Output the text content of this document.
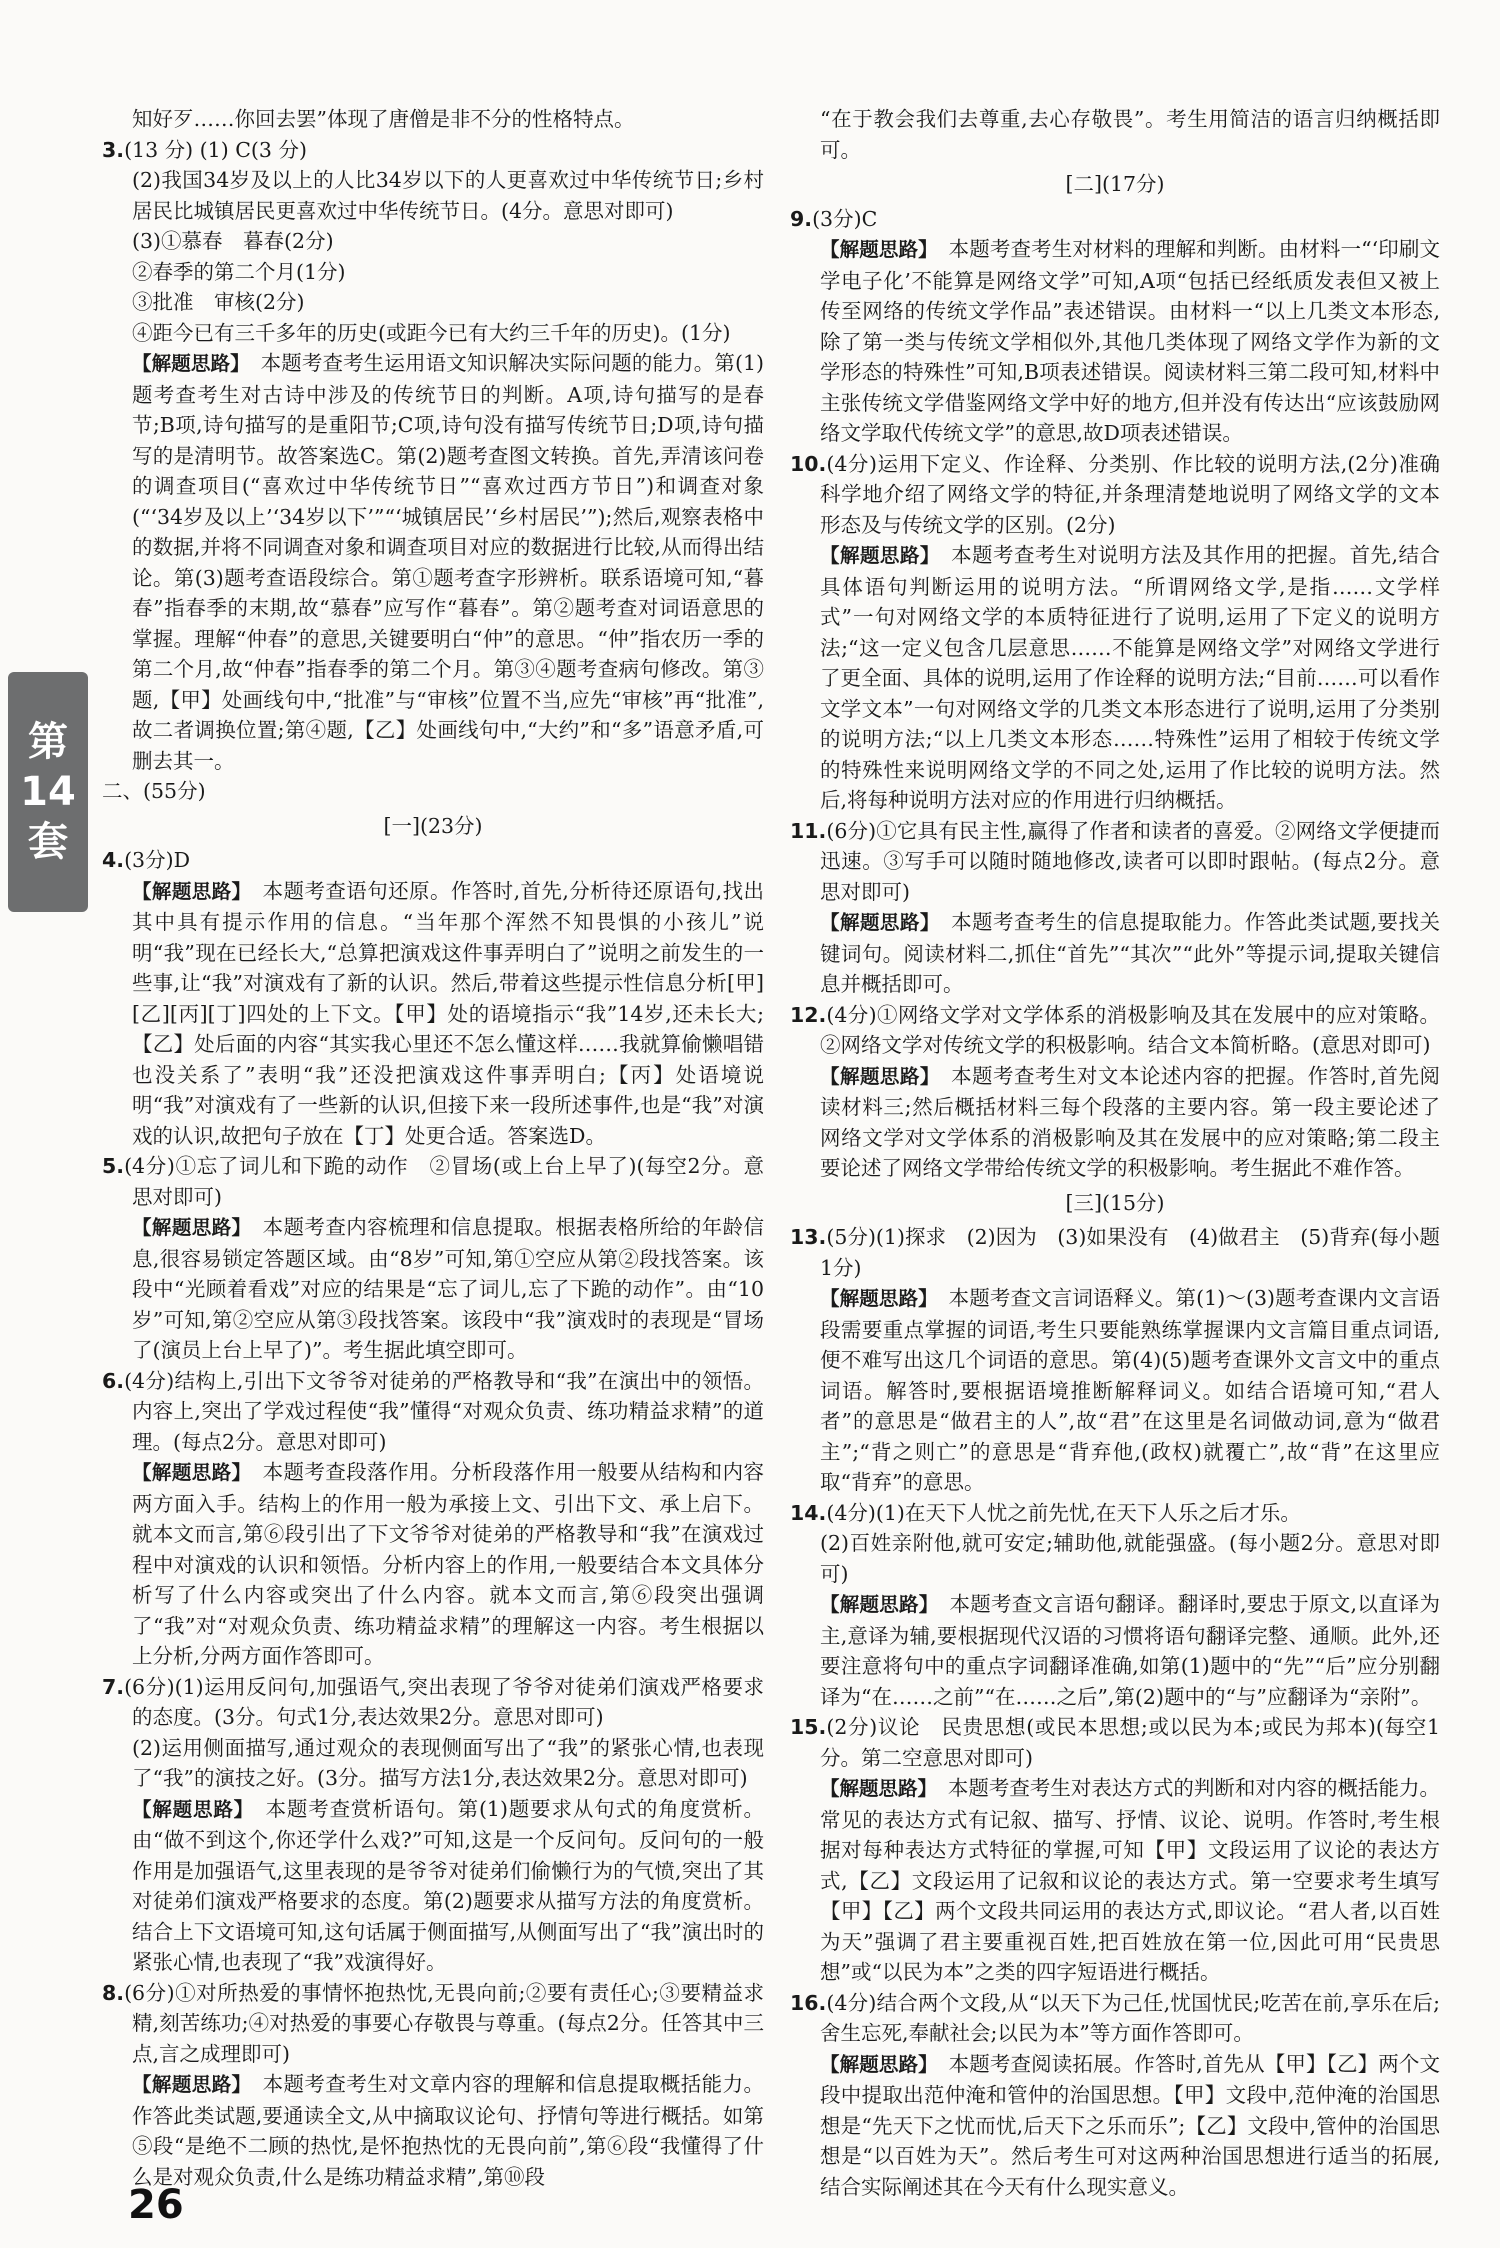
第
14
套

知好歹……你回去罢”体现了唐僧是非不分的性格特点。

3.(13 分) (1) C(3 分)

(2)我国34岁及以上的人比34岁以下的人更喜欢过中华传统节日;乡村居民比城镇居民更喜欢过中华传统节日。(4分。意思对即可)

(3)①慕春　暮春(2分)

②春季的第二个月(1分)

③批准　审核(2分)

④距今已有三千多年的历史(或距今已有大约三千年的历史)。(1分)

【解题思路】　本题考查考生运用语文知识解决实际问题的能力。第(1)题考查考生对古诗中涉及的传统节日的判断。A项,诗句描写的是春节;B项,诗句描写的是重阳节;C项,诗句没有描写传统节日;D项,诗句描写的是清明节。故答案选C。第(2)题考查图文转换。首先,弄清该问卷的调查项目(“喜欢过中华传统节日”“喜欢过西方节日”)和调查对象(“‘34岁及以上’‘34岁以下’”“‘城镇居民’‘乡村居民’”);然后,观察表格中的数据,并将不同调查对象和调查项目对应的数据进行比较,从而得出结论。第(3)题考查语段综合。第①题考查字形辨析。联系语境可知,“暮春”指春季的末期,故“慕春”应写作“暮春”。第②题考查对词语意思的掌握。理解“仲春”的意思,关键要明白“仲”的意思。“仲”指农历一季的第二个月,故“仲春”指春季的第二个月。第③④题考查病句修改。第③题,【甲】处画线句中,“批准”与“审核”位置不当,应先“审核”再“批准”,故二者调换位置;第④题,【乙】处画线句中,“大约”和“多”语意矛盾,可删去其一。

二、(55分)

[一](23分)

4.(3分)D

【解题思路】　本题考查语句还原。作答时,首先,分析待还原语句,找出其中具有提示作用的信息。“当年那个浑然不知畏惧的小孩儿”说明“我”现在已经长大,“总算把演戏这件事弄明白了”说明之前发生的一些事,让“我”对演戏有了新的认识。然后,带着这些提示性信息分析[甲][乙][丙][丁]四处的上下文。【甲】处的语境指示“我”14岁,还未长大;【乙】处后面的内容“其实我心里还不怎么懂这样……我就算偷懒唱错也没关系了”表明“我”还没把演戏这件事弄明白;【丙】处语境说明“我”对演戏有了一些新的认识,但接下来一段所述事件,也是“我”对演戏的认识,故把句子放在【丁】处更合适。答案选D。

5.(4分)①忘了词儿和下跪的动作　②冒场(或上台上早了)(每空2分。意思对即可)

【解题思路】　本题考查内容梳理和信息提取。根据表格所给的年龄信息,很容易锁定答题区域。由“8岁”可知,第①空应从第②段找答案。该段中“光顾着看戏”对应的结果是“忘了词儿,忘了下跪的动作”。由“10岁”可知,第②空应从第③段找答案。该段中“我”演戏时的表现是“冒场了(演员上台上早了)”。考生据此填空即可。

6.(4分)结构上,引出下文爷爷对徒弟的严格教导和“我”在演出中的领悟。内容上,突出了学戏过程使“我”懂得“对观众负责、练功精益求精”的道理。(每点2分。意思对即可)

【解题思路】　本题考查段落作用。分析段落作用一般要从结构和内容两方面入手。结构上的作用一般为承接上文、引出下文、承上启下。就本文而言,第⑥段引出了下文爷爷对徒弟的严格教导和“我”在演戏过程中对演戏的认识和领悟。分析内容上的作用,一般要结合本文具体分析写了什么内容或突出了什么内容。就本文而言,第⑥段突出强调了“我”对“对观众负责、练功精益求精”的理解这一内容。考生根据以上分析,分两方面作答即可。

7.(6分)(1)运用反问句,加强语气,突出表现了爷爷对徒弟们演戏严格要求的态度。(3分。句式1分,表达效果2分。意思对即可)

(2)运用侧面描写,通过观众的表现侧面写出了“我”的紧张心情,也表现了“我”的演技之好。(3分。描写方法1分,表达效果2分。意思对即可)

【解题思路】　本题考查赏析语句。第(1)题要求从句式的角度赏析。由“做不到这个,你还学什么戏?”可知,这是一个反问句。反问句的一般作用是加强语气,这里表现的是爷爷对徒弟们偷懒行为的气愤,突出了其对徒弟们演戏严格要求的态度。第(2)题要求从描写方法的角度赏析。结合上下文语境可知,这句话属于侧面描写,从侧面写出了“我”演出时的紧张心情,也表现了“我”戏演得好。

8.(6分)①对所热爱的事情怀抱热忱,无畏向前;②要有责任心;③要精益求精,刻苦练功;④对热爱的事要心存敬畏与尊重。(每点2分。任答其中三点,言之成理即可)

【解题思路】　本题考查考生对文章内容的理解和信息提取概括能力。作答此类试题,要通读全文,从中摘取议论句、抒情句等进行概括。如第⑤段“是绝不二顾的热忱,是怀抱热忱的无畏向前”,第⑥段“我懂得了什么是对观众负责,什么是练功精益求精”,第⑩段

“在于教会我们去尊重,去心存敬畏”。考生用简洁的语言归纳概括即可。

[二](17分)

9.(3分)C

【解题思路】　本题考查考生对材料的理解和判断。由材料一“‘印刷文学电子化’不能算是网络文学”可知,A项“包括已经纸质发表但又被上传至网络的传统文学作品”表述错误。由材料一“以上几类文本形态,除了第一类与传统文学相似外,其他几类体现了网络文学作为新的文学形态的特殊性”可知,B项表述错误。阅读材料三第二段可知,材料中主张传统文学借鉴网络文学中好的地方,但并没有传达出“应该鼓励网络文学取代传统文学”的意思,故D项表述错误。

10.(4分)运用下定义、作诠释、分类别、作比较的说明方法,(2分)准确科学地介绍了网络文学的特征,并条理清楚地说明了网络文学的文本形态及与传统文学的区别。(2分)

【解题思路】　本题考查考生对说明方法及其作用的把握。首先,结合具体语句判断运用的说明方法。“所谓网络文学,是指……文学样式”一句对网络文学的本质特征进行了说明,运用了下定义的说明方法;“这一定义包含几层意思……不能算是网络文学”对网络文学进行了更全面、具体的说明,运用了作诠释的说明方法;“目前……可以看作文学文本”一句对网络文学的几类文本形态进行了说明,运用了分类别的说明方法;“以上几类文本形态……特殊性”运用了相较于传统文学的特殊性来说明网络文学的不同之处,运用了作比较的说明方法。然后,将每种说明方法对应的作用进行归纳概括。

11.(6分)①它具有民主性,赢得了作者和读者的喜爱。②网络文学便捷而迅速。③写手可以随时随地修改,读者可以即时跟帖。(每点2分。意思对即可)

【解题思路】　本题考查考生的信息提取能力。作答此类试题,要找关键词句。阅读材料二,抓住“首先”“其次”“此外”等提示词,提取关键信息并概括即可。

12.(4分)①网络文学对文学体系的消极影响及其在发展中的应对策略。②网络文学对传统文学的积极影响。结合文本简析略。(意思对即可)

【解题思路】　本题考查考生对文本论述内容的把握。作答时,首先阅读材料三;然后概括材料三每个段落的主要内容。第一段主要论述了网络文学对文学体系的消极影响及其在发展中的应对策略;第二段主要论述了网络文学带给传统文学的积极影响。考生据此不难作答。

[三](15分)

13.(5分)(1)探求　(2)因为　(3)如果没有　(4)做君主　(5)背弃(每小题1分)

【解题思路】　本题考查文言词语释义。第(1)～(3)题考查课内文言语段需要重点掌握的词语,考生只要能熟练掌握课内文言篇目重点词语,便不难写出这几个词语的意思。第(4)(5)题考查课外文言文中的重点词语。解答时,要根据语境推断解释词义。如结合语境可知,“君人者”的意思是“做君主的人”,故“君”在这里是名词做动词,意为“做君主”;“背之则亡”的意思是“背弃他,(政权)就覆亡”,故“背”在这里应取“背弃”的意思。

14.(4分)(1)在天下人忧之前先忧,在天下人乐之后才乐。

(2)百姓亲附他,就可安定;辅助他,就能强盛。(每小题2分。意思对即可)

【解题思路】　本题考查文言语句翻译。翻译时,要忠于原文,以直译为主,意译为辅,要根据现代汉语的习惯将语句翻译完整、通顺。此外,还要注意将句中的重点字词翻译准确,如第(1)题中的“先”“后”应分别翻译为“在……之前”“在……之后”,第(2)题中的“与”应翻译为“亲附”。

15.(2分)议论　民贵思想(或民本思想;或以民为本;或民为邦本)(每空1分。第二空意思对即可)

【解题思路】　本题考查考生对表达方式的判断和对内容的概括能力。常见的表达方式有记叙、描写、抒情、议论、说明。作答时,考生根据对每种表达方式特征的掌握,可知【甲】文段运用了议论的表达方式,【乙】文段运用了记叙和议论的表达方式。第一空要求考生填写【甲】【乙】两个文段共同运用的表达方式,即议论。“君人者,以百姓为天”强调了君主要重视百姓,把百姓放在第一位,因此可用“民贵思想”或“以民为本”之类的四字短语进行概括。

16.(4分)结合两个文段,从“以天下为己任,忧国忧民;吃苦在前,享乐在后;舍生忘死,奉献社会;以民为本”等方面作答即可。

【解题思路】　本题考查阅读拓展。作答时,首先从【甲】【乙】两个文段中提取出范仲淹和管仲的治国思想。【甲】文段中,范仲淹的治国思想是“先天下之忧而忧,后天下之乐而乐”;【乙】文段中,管仲的治国思想是“以百姓为天”。然后考生可对这两种治国思想进行适当的拓展,结合实际阐述其在今天有什么现实意义。

26
